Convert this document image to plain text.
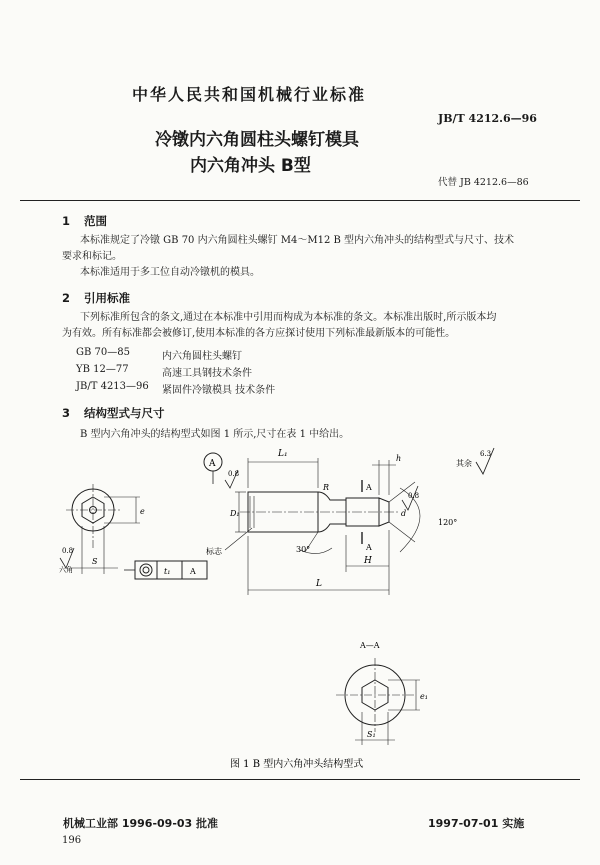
中华人民共和国机械行业标准
JB/T 4212.6—96
冷镦内六角圆柱头螺钉模具
内六角冲头 B型
代替 JB 4212.6—86
1 范围
本标准规定了冷镦 GB 70 内六角圆柱头螺钉 M4～M12 B 型内六角冲头的结构型式与尺寸、技术
要求和标记。
本标准适用于多工位自动冷镦机的模具。
2 引用标准
下列标准所包含的条文,通过在本标准中引用而构成为本标准的条文。本标准出版时,所示版本均
为有效。所有标准都会被修订,使用本标准的各方应探讨使用下列标准最新版本的可能性。
GB 70—85	内六角圆柱头螺钉
YB 12—77	高速工具钢技术条件
JB/T 4213—96 紧固件冷镦模具 技术条件
3 结构型式与尺寸
B 型内六角冲头的结构型式如图 1 所示,尺寸在表 1 中给出。
A
0.8
L₁
L
H
h
R
D₁	d
e
S
30°
120°
标志
六角
0.8
t₁ A
A
A
0.8
其余
6.3
A—A
e₁
S₁
图 1 B 型内六角冲头结构型式
机械工业部 1996-09-03 批准	1997-07-01 实施
196
